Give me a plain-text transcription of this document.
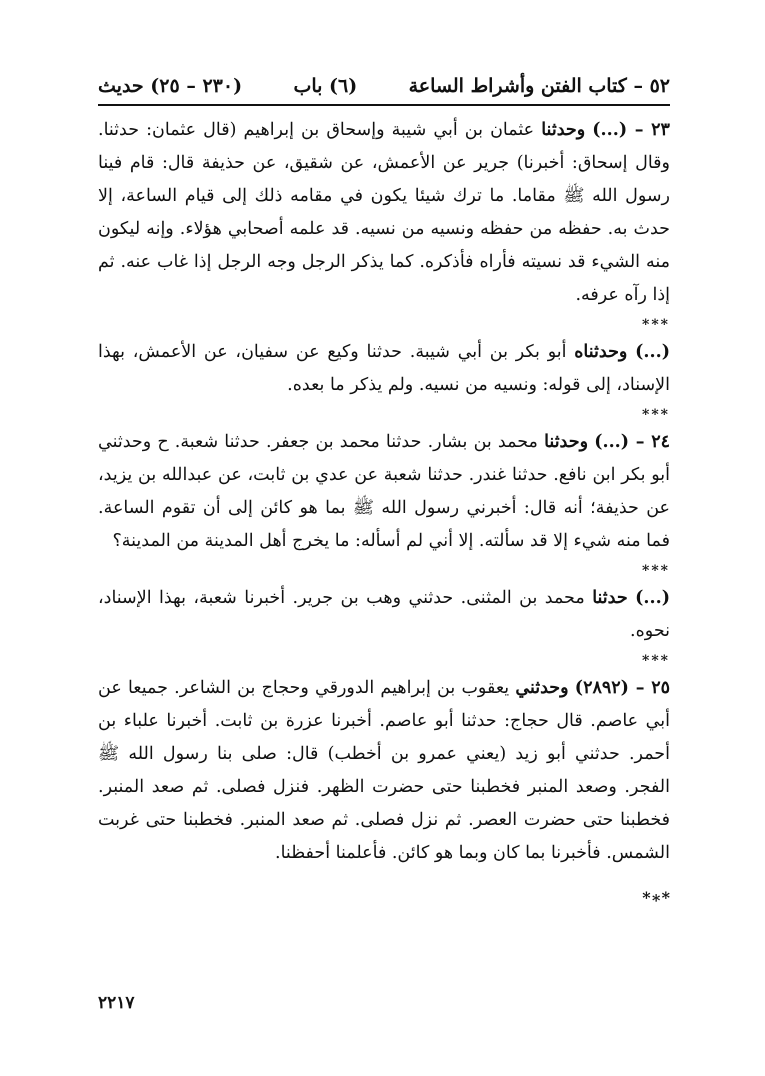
٥٢ – كتاب الفتن وأشراط الساعة
(٦) باب
(٢٣٠ – ٢٥) حديث

٢٣ – (...) وحدثنا عثمان بن أبي شيبة وإسحاق بن إبراهيم (قال عثمان: حدثنا. وقال إسحاق: أخبرنا) جرير عن الأعمش، عن شقيق، عن حذيفة قال: قام فينا رسول الله ﷺ مقاما. ما ترك شيئا يكون في مقامه ذلك إلى قيام الساعة، إلا حدث به. حفظه من حفظه ونسيه من نسيه. قد علمه أصحابي هؤلاء. وإنه ليكون منه الشيء قد نسيته فأراه فأذكره. كما يذكر الرجل وجه الرجل إذا غاب عنه. ثم إذا رآه عرفه.

***

(...) وحدثناه أبو بكر بن أبي شيبة. حدثنا وكيع عن سفيان، عن الأعمش، بهذا الإسناد، إلى قوله: ونسيه من نسيه. ولم يذكر ما بعده.

***

٢٤ – (...) وحدثنا محمد بن بشار. حدثنا محمد بن جعفر. حدثنا شعبة. ح وحدثني أبو بكر ابن نافع. حدثنا غندر. حدثنا شعبة عن عدي بن ثابت، عن عبدالله بن يزيد، عن حذيفة؛ أنه قال: أخبرني رسول الله ﷺ بما هو كائن إلى أن تقوم الساعة. فما منه شيء إلا قد سألته. إلا أني لم أسأله: ما يخرج أهل المدينة من المدينة؟

***

(...) حدثنا محمد بن المثنى. حدثني وهب بن جرير. أخبرنا شعبة، بهذا الإسناد، نحوه.

***

٢٥ – (٢٨٩٢) وحدثني يعقوب بن إبراهيم الدورقي وحجاج بن الشاعر. جميعا عن أبي عاصم. قال حجاج: حدثنا أبو عاصم. أخبرنا عزرة بن ثابت. أخبرنا علباء بن أحمر. حدثني أبو زيد (يعني عمرو بن أخطب) قال: صلى بنا رسول الله ﷺ الفجر. وصعد المنبر فخطبنا حتى حضرت الظهر. فنزل فصلى. ثم صعد المنبر. فخطبنا حتى حضرت العصر. ثم نزل فصلى. ثم صعد المنبر. فخطبنا حتى غربت الشمس. فأخبرنا بما كان وبما هو كائن. فأعلمنا أحفظنا.

*∗*
٢٢١٧
